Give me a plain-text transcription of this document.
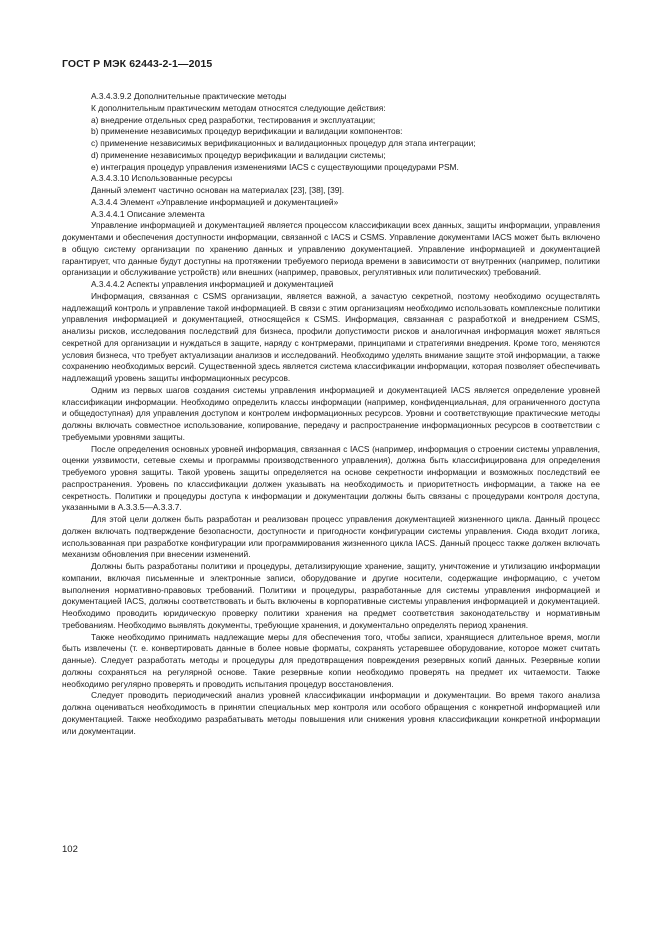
ГОСТ Р МЭК 62443-2-1—2015
A.3.4.3.9.2 Дополнительные практические методы
К дополнительным практическим методам относятся следующие действия:
a) внедрение отдельных сред разработки, тестирования и эксплуатации;
b) применение независимых процедур верификации и валидации компонентов:
c) применение независимых верификационных и валидационных процедур для этапа интеграции;
d) применение независимых процедур верификации и валидации системы;
e) интеграция процедур управления изменениями IACS с существующими процедурами PSM.
A.3.4.3.10 Использованные ресурсы
Данный элемент частично основан на материалах [23], [38], [39].
A.3.4.4 Элемент «Управление информацией и документацией»
A.3.4.4.1 Описание элемента

Управление информацией и документацией является процессом классификации всех данных, защиты информации, управления документами и обеспечения доступности информации, связанной с IACS и CSMS. Управление документами IACS может быть включено в общую систему организации по хранению данных и управлению документацией. Управление информацией и документацией гарантирует, что данные будут доступны на протяжении требуемого периода времени в зависимости от внутренних (например, политики организации и обслуживание устройств) или внешних (например, правовых, регулятивных или политических) требований.

A.3.4.4.2 Аспекты управления информацией и документацией

Информация, связанная с CSMS организации, является важной, а зачастую секретной, поэтому необходимо осуществлять надлежащий контроль и управление такой информацией. В связи с этим организациям необходимо использовать комплексные политики управления информацией и документацией, относящейся к CSMS. Информация, связанная с разработкой и внедрением CSMS, анализы рисков, исследования последствий для бизнеса, профили допустимости рисков и аналогичная информация может являться секретной для организации и нуждаться в защите, наряду с контрмерами, принципами и стратегиями внедрения. Кроме того, меняются условия бизнеса, что требует актуализации анализов и исследований. Необходимо уделять внимание защите этой информации, а также сохранению необходимых версий. Существенной здесь является система классификации информации, которая позволяет обеспечивать надлежащий уровень защиты информационных ресурсов.

Одним из первых шагов создания системы управления информацией и документацией IACS является определение уровней классификации информации. Необходимо определить классы информации (например, конфиденциальная, для ограниченного доступа и общедоступная) для управления доступом и контролем информационных ресурсов. Уровни и соответствующие практические методы должны включать совместное использование, копирование, передачу и распространение информационных ресурсов в соответствии с требуемыми уровнями защиты.

После определения основных уровней информация, связанная с IACS (например, информация о строении системы управления, оценки уязвимости, сетевые схемы и программы производственного управления), должна быть классифицирована для определения требуемого уровня защиты. Такой уровень защиты определяется на основе секретности информации и возможных последствий ее распространения. Уровень по классификации должен указывать на необходимость и приоритетность информации, а также на ее секретность. Политики и процедуры доступа к информации и документации должны быть связаны с процедурами контроля доступа, указанными в A.3.3.5—A.3.3.7.

Для этой цели должен быть разработан и реализован процесс управления документацией жизненного цикла. Данный процесс должен включать подтверждение безопасности, доступности и пригодности конфигурации системы управления. Сюда входит логика, использованная при разработке конфигурации или программирования жизненного цикла IACS. Данный процесс также должен включать механизм обновления при внесении изменений.

Должны быть разработаны политики и процедуры, детализирующие хранение, защиту, уничтожение и утилизацию информации компании, включая письменные и электронные записи, оборудование и другие носители, содержащие информацию, с учетом выполнения нормативно-правовых требований. Политики и процедуры, разработанные для системы управления информацией и документацией IACS, должны соответствовать и быть включены в корпоративные системы управления информацией и документацией. Необходимо проводить юридическую проверку политики хранения на предмет соответствия законодательству и нормативным требованиям. Необходимо выявлять документы, требующие хранения, и документально определять период хранения.

Также необходимо принимать надлежащие меры для обеспечения того, чтобы записи, хранящиеся длительное время, могли быть извлечены (т. е. конвертировать данные в более новые форматы, сохранять устаревшее оборудование, которое может считать данные). Следует разработать методы и процедуры для предотвращения повреждения резервных копий данных. Резервные копии должны сохраняться на регулярной основе. Такие резервные копии необходимо проверять на предмет их читаемости. Также необходимо регулярно проверять и проводить испытания процедур восстановления.

Следует проводить периодический анализ уровней классификации информации и документации. Во время такого анализа должна оцениваться необходимость в принятии специальных мер контроля или особого обращения с конкретной информацией или документацией. Также необходимо разрабатывать методы повышения или снижения уровня классификации конкретной информации или документации.

102
